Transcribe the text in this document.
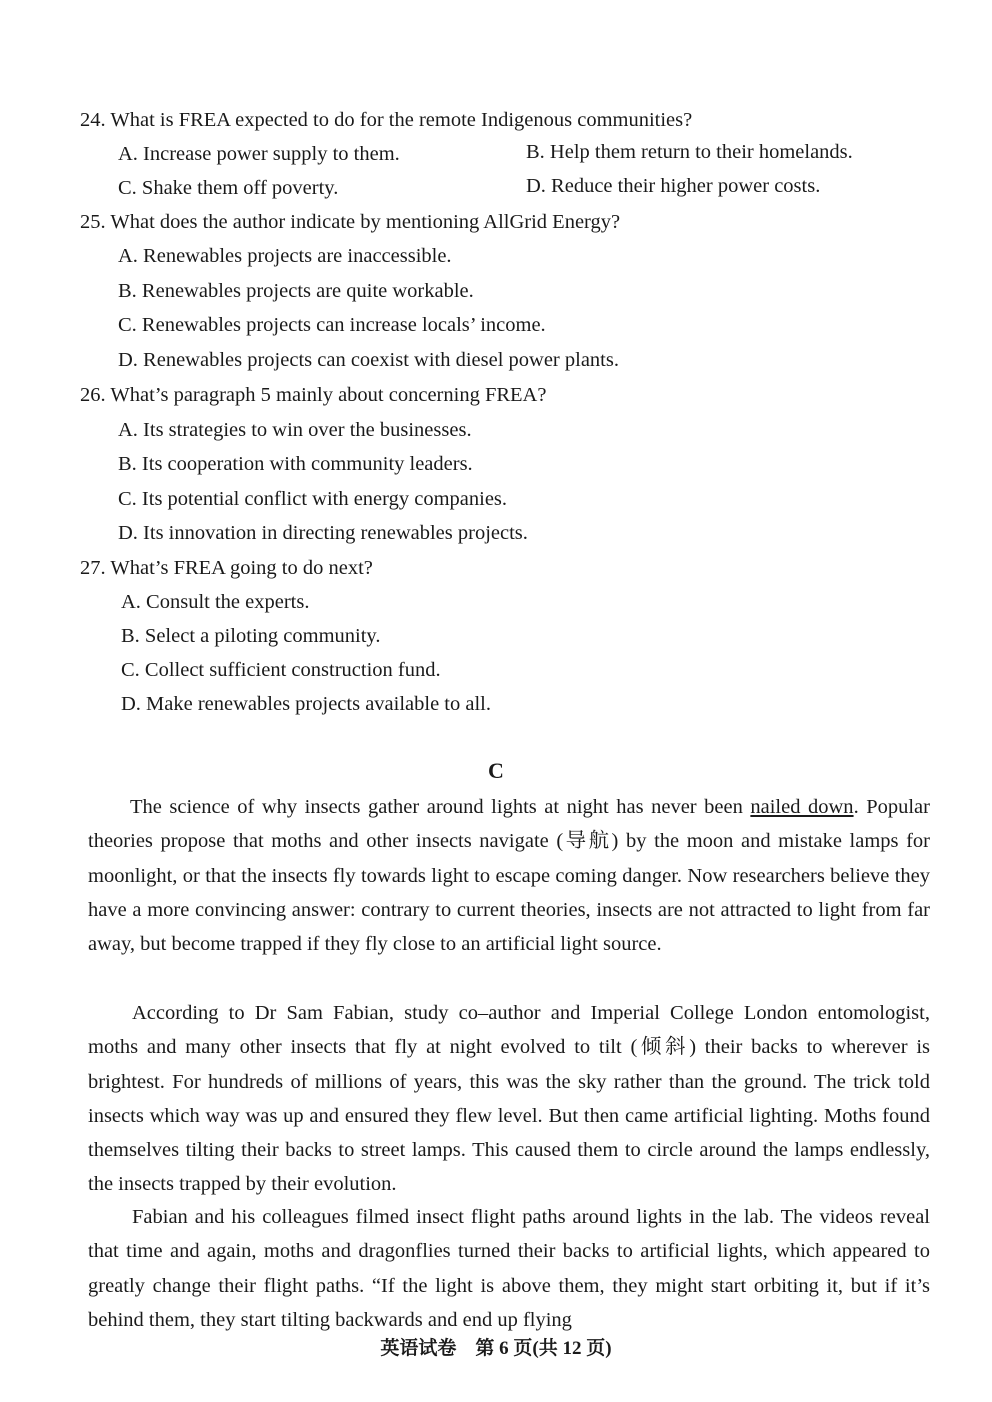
24. What is FREA expected to do for the remote Indigenous communities?
A. Increase power supply to them.	B. Help them return to their homelands.
C. Shake them off poverty.	D. Reduce their higher power costs.
25. What does the author indicate by mentioning AllGrid Energy?
A. Renewables projects are inaccessible.
B. Renewables projects are quite workable.
C. Renewables projects can increase locals’ income.
D. Renewables projects can coexist with diesel power plants.
26. What’s paragraph 5 mainly about concerning FREA?
A. Its strategies to win over the businesses.
B. Its cooperation with community leaders.
C. Its potential conflict with energy companies.
D. Its innovation in directing renewables projects.
27. What’s FREA going to do next?
A. Consult the experts.
B. Select a piloting community.
C. Collect sufficient construction fund.
D. Make renewables projects available to all.
C

The science of why insects gather around lights at night has never been nailed down. Popular theories propose that moths and other insects navigate (导航) by the moon and mistake lamps for moonlight, or that the insects fly towards light to escape coming danger. Now researchers believe they have a more convincing answer: contrary to current theories, insects are not attracted to light from far away, but become trapped if they fly close to an artificial light source.

According to Dr Sam Fabian, study co–author and Imperial College London entomologist, moths and many other insects that fly at night evolved to tilt (倾斜) their backs to wherever is brightest. For hundreds of millions of years, this was the sky rather than the ground. The trick told insects which way was up and ensured they flew level. But then came artificial lighting. Moths found themselves tilting their backs to street lamps. This caused them to circle around the lamps endlessly, the insects trapped by their evolution.

Fabian and his colleagues filmed insect flight paths around lights in the lab. The videos reveal that time and again, moths and dragonflies turned their backs to artificial lights, which appeared to greatly change their flight paths. “If the light is above them, they might start orbiting it, but if it’s behind them, they start tilting backwards and end up flying

英语试卷　第 6 页(共 12 页)
